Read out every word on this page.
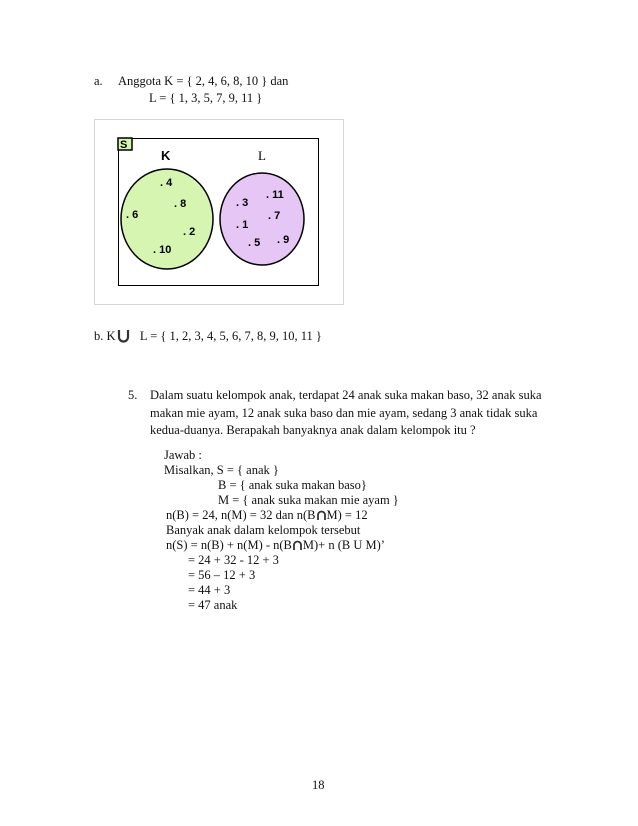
a. Anggota K = { 2, 4, 6, 8, 10 } dan
L = { 1, 3, 5, 7, 9, 11 }
S
K	L
. 4
. 8
. 6
. 2
. 10
. 11
. 3
. 7
. 1
. 5 . 9
b. K L = { 1, 2, 3, 4, 5, 6, 7, 8, 9, 10, 11 }
5. Dalam suatu kelompok anak, terdapat 24 anak suka makan baso, 32 anak suka
makan mie ayam, 12 anak suka baso dan mie ayam, sedang 3 anak tidak suka
kedua-duanya. Berapakah banyaknya anak dalam kelompok itu ?
Jawab :
Misalkan, S = { anak }
B = { anak suka makan baso}
M = { anak suka makan mie ayam }
n(B) = 24, n(M) = 32 dan n(B M) = 12
Banyak anak dalam kelompok tersebut
n(S) = n(B) + n(M) - n(B M)+ n (B U M)’
= 24 + 32 - 12 + 3
= 56 – 12 + 3
= 44 + 3
= 47 anak
18
